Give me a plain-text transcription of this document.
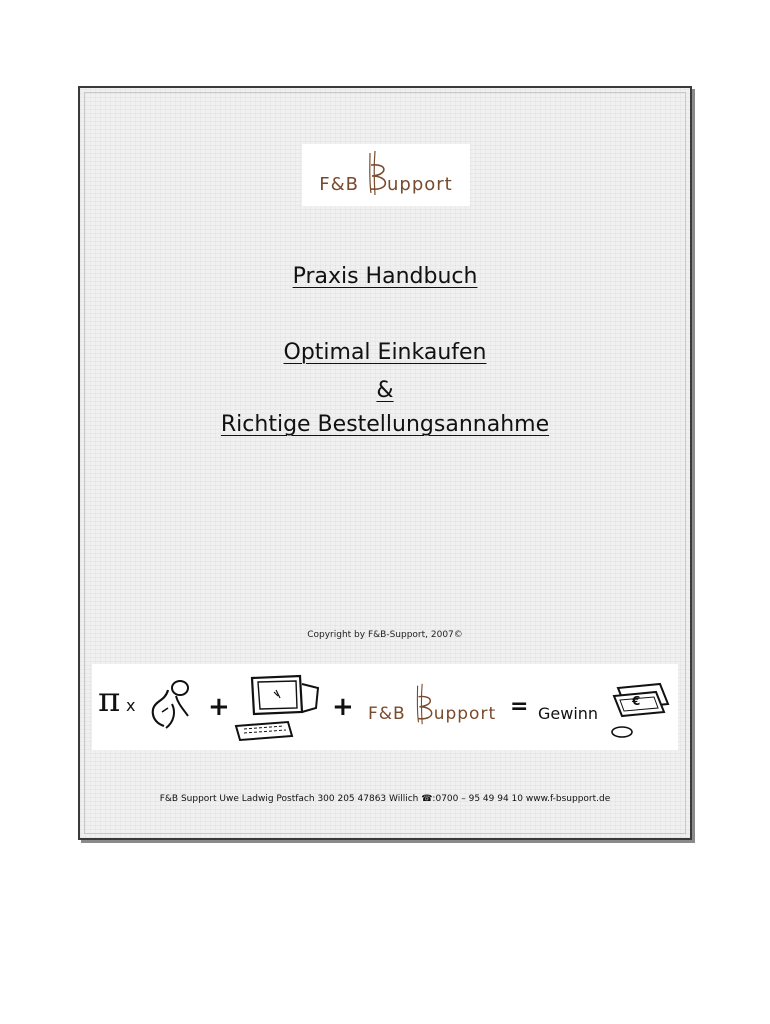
F&B upport
Praxis Handbuch
Optimal Einkaufen
&
Richtige Bestellungsannahme
Copyright by F&B-Support, 2007©
π x	+	+ F&B upport = Gewinn
€
F&B Support Uwe Ladwig Postfach 300 205 47863 Willich ☎:0700 – 95 49 94 10 www.f-bsupport.de
